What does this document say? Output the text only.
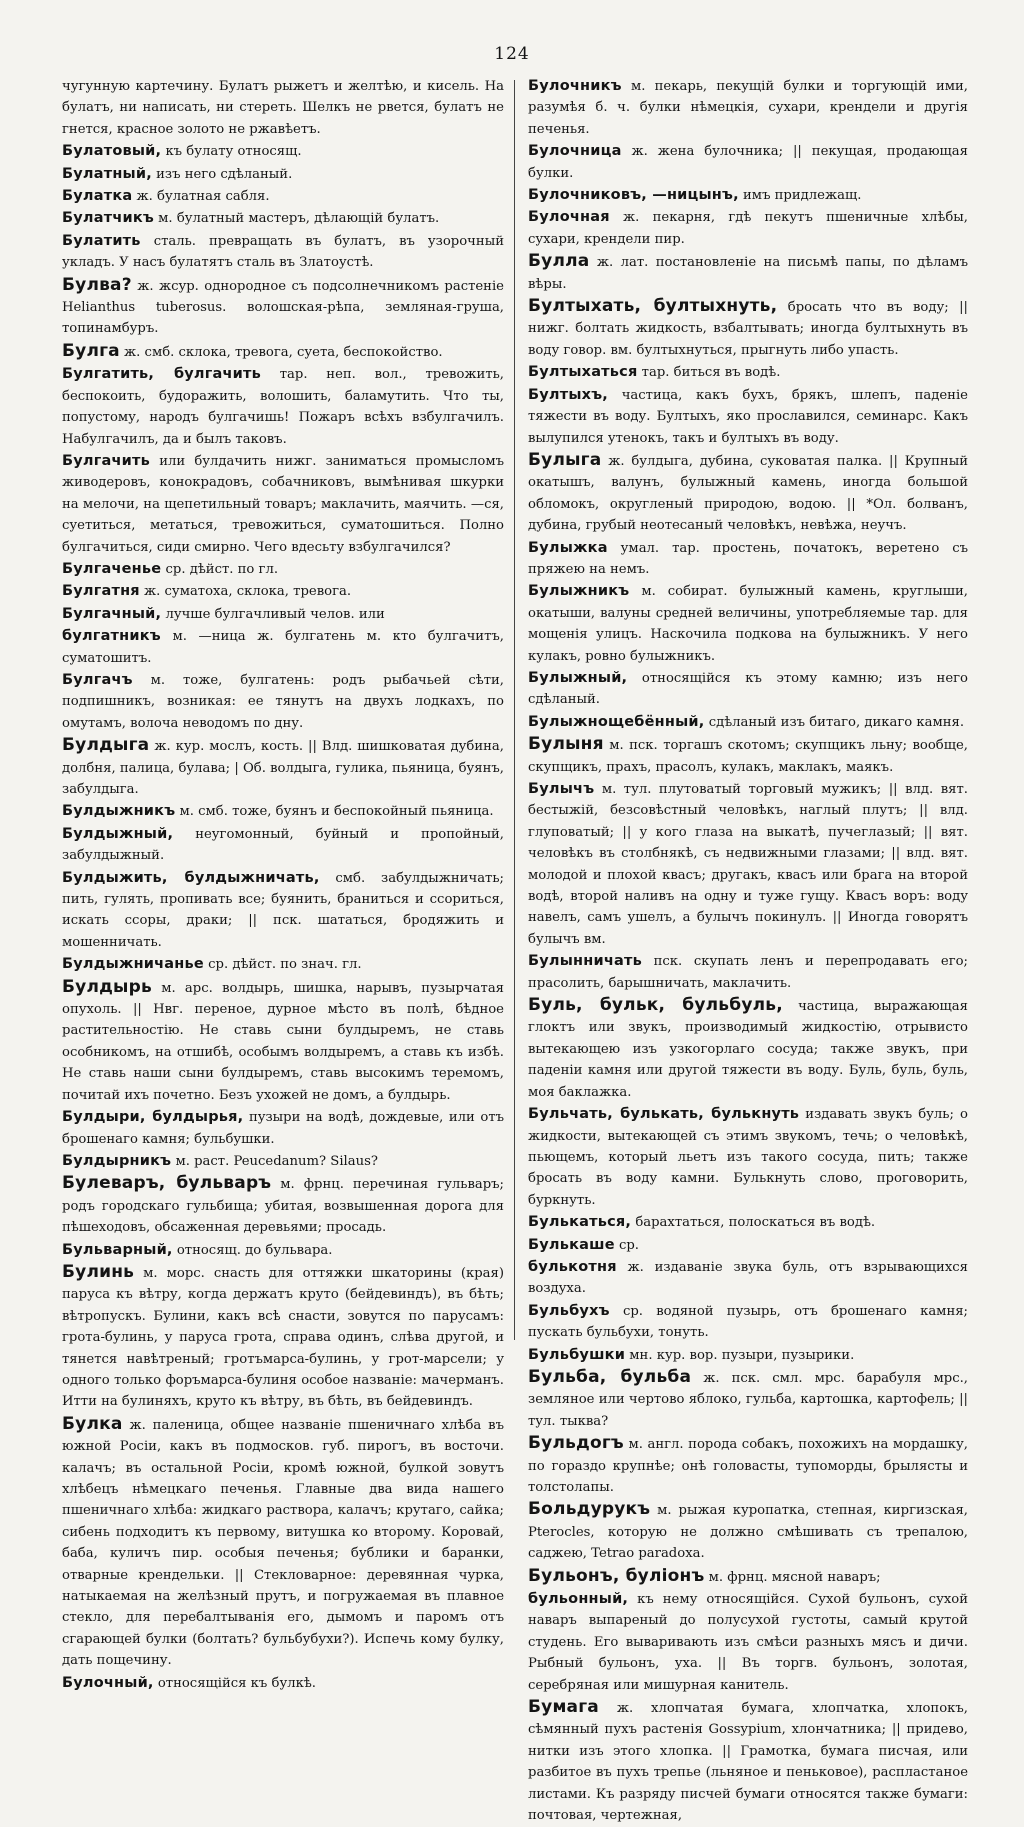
124
чугунную картечину. Булатъ рыжетъ и желтѣю, и кисель. На булатъ, ни написать, ни стереть. Шелкъ не рвется, булатъ не гнется, красное золото не ржавѣетъ.
Булатовый, къ булату относящ.
Булатный, изъ него сдѣланый.
Булатка ж. булатная сабля.
Булатчикъ м. булатный мастеръ, дѣлающій булатъ.
Булатить сталь. превращать въ булатъ, въ узорочный укладъ. У насъ булатятъ сталь въ Златоустѣ.
Булва? ж. жсур. однородное съ подсолнечникомъ растеніе Helianthus tuberosus. волошская-рѣпа, земляная-груша, топинамбуръ.
Булга ж. смб. склока, тревога, суета, беспокойство.
Булгатить, булгачить тар. неп. вол., тревожить, беспокоить, будоражить, волошить, баламутить. Что ты, попустому, народъ булгачишь! Пожаръ всѣхъ взбулгачилъ. Набулгачилъ, да и былъ таковъ.
Булгачить или булдачить нижг. заниматься промысломъ живодеровъ, конокрадовъ, собачниковъ, вымѣнивая шкурки на мелочи, на щепетильный товаръ; маклачить, маячить. —ся, суетиться, метаться, тревожиться, суматошиться. Полно булгачиться, сиди смирно. Чего вдесьту взбулгачился?
Булгаченье ср. дѣйст. по гл.
Булгатня ж. суматоха, склока, тревога.
Булгачный, лучше булгачливый челов. или
булгатникъ м. —ница ж. булгатень м. кто булгачитъ, суматошитъ.
Булгачъ м. тоже, булгатень: родъ рыбачьей сѣти, подпишникъ, возникая: ее тянутъ на двухъ лодкахъ, по омутамъ, волоча неводомъ по дну.
Булдыга ж. кур. мослъ, кость. || Влд. шишковатая дубина, долбня, палица, булава; | Об. волдыга, гулика, пьяница, буянъ, забулдыга.
Булдыжникъ м. смб. тоже, буянъ и беспокойный пьяница.
Булдыжный, неугомонный, буйный и пропойный, забулдыжный.
Булдыжить, булдыжничать, смб. забулдыжничать; пить, гулять, пропивать все; буянить, браниться и ссориться, искать ссоры, драки; || пск. шататься, бродяжить и мошенничать.
Булдыжничанье ср. дѣйст. по знач. гл.
Булдырь м. арс. волдырь, шишка, нарывъ, пузырчатая опухоль. || Нвг. переное, дурное мѣсто въ полѣ, бѣдное растительностію. Не ставь сыни булдыремъ, не ставь особникомъ, на отшибѣ, особымъ волдыремъ, а ставь къ избѣ. Не ставь наши сыни булдыремъ, ставь высокимъ теремомъ, почитай ихъ почетно. Безъ ухожей не домъ, а булдырь.
Булдыри, булдырья, пузыри на водѣ, дождевые, или отъ брошенаго камня; бульбушки.
Булдырникъ м. раст. Peucedanum? Silaus?
Булеваръ, бульваръ м. фрнц. перечиная гульваръ; родъ городскаго гульбища; убитая, возвышенная дорога для пѣшеходовъ, обсаженная деревьями; просадь.
Бульварный, относящ. до бульвара.
Булинь м. морс. снасть для оттяжки шкаторины (края) паруса къ вѣтру, когда держатъ круто (бейдевиндъ), въ бѣть; вѣтропускъ. Булини, какъ всѣ снасти, зовутся по парусамъ: грота-булинь, у паруса грота, справа одинъ, слѣва другой, и тянется навѣтреный; гротъмарса-булинь, у грот-марсели; у одного только форъмарса-булиня особое названіе: мачерманъ. Итти на булиняхъ, круто къ вѣтру, въ бѣть, въ бейдевиндъ.
Булка ж. паленица, общее названіе пшеничнаго хлѣба въ южной Росіи, какъ въ подмосков. губ. пирогъ, въ восточи. калачъ; въ остальной Росіи, кромѣ южной, булкой зовутъ хлѣбецъ нѣмецкаго печенья. Главные два вида нашего пшеничнаго хлѣба: жидкаго раствора, калачъ; крутаго, сайка; сибень подходитъ къ первому, витушка ко второму. Коровай, баба, куличъ пир. особыя печенья; бублики и баранки, отварные крендельки. || Стекловарное: деревянная чурка, натыкаемая на желѣзный прутъ, и погружаемая въ плавное стекло, для перебалтыванія его, дымомъ и паромъ отъ сгарающей булки (болтать? бульбубухи?). Испечь кому булку, дать пощечину.
Булочный, относящійся къ булкѣ.
Булочникъ м. пекарь, пекущій булки и торгующій ими, разумѣя б. ч. булки нѣмецкія, сухари, крендели и другія печенья.
Булочница ж. жена булочника; || пекущая, продающая булки.
Булочниковъ, —ницынъ, имъ придлежащ.
Булочная ж. пекарня, гдѣ пекутъ пшеничные хлѣбы, сухари, крендели пир.
Булла ж. лат. постановленіе на письмѣ папы, по дѣламъ вѣры.
Бултыхать, бултыхнуть, бросать что въ воду; || нижг. болтать жидкость, взбалтывать; иногда бултыхнуть въ воду говор. вм. бултыхнуться, прыгнуть либо упасть.
Бултыхаться тар. биться въ водѣ.
Бултыхъ, частица, какъ бухъ, брякъ, шлепъ, паденіе тяжести въ воду. Бултыхъ, яко прославился, семинарс. Какъ вылупился утенокъ, такъ и бултыхъ въ воду.
Булыга ж. булдыга, дубина, суковатая палка. || Крупный окатышъ, валунъ, булыжный камень, иногда большой обломокъ, округленый природою, водою. || *Ол. болванъ, дубина, грубый неотесаный человѣкъ, невѣжа, неучъ.
Булыжка умал. тар. простень, початокъ, веретено съ пряжею на немъ.
Булыжникъ м. собират. булыжный камень, круглыши, окатыши, валуны средней величины, употребляемые тар. для мощенія улицъ. Наскочила подкова на булыжникъ. У него кулакъ, ровно булыжникъ.
Булыжный, относящійся къ этому камню; изъ него сдѣланый.
Булыжнощебённый, сдѣланый изъ битаго, дикаго камня.
Булыня м. пск. торгашъ скотомъ; скупщикъ льну; вообще, скупщикъ, прахъ, прасолъ, кулакъ, маклакъ, маякъ.
Булычъ м. тул. плутоватый торговый мужикъ; || влд. вят. бестыжій, безсовѣстный человѣкъ, наглый плутъ; || влд. глуповатый; || у кого глаза на выкатѣ, пучеглазый; || вят. человѣкъ въ столбнякѣ, съ недвижными глазами; || влд. вят. молодой и плохой квасъ; другакъ, квасъ или брага на второй водѣ, второй наливъ на одну и туже гущу. Квасъ воръ: воду навелъ, самъ ушелъ, а булычъ покинулъ. || Иногда говорятъ булычъ вм.
Булынничать пск. скупать ленъ и перепродавать его; прасолить, барышничать, маклачить.
Буль, бульк, бульбуль, частица, выражающая глоктъ или звукъ, производимый жидкостію, отрывисто вытекающею изъ узкогорлаго сосуда; также звукъ, при паденіи камня или другой тяжести въ воду. Буль, буль, буль, моя баклажка.
Бульчать, булькать, булькнуть издавать звукъ буль; о жидкости, вытекающей съ этимъ звукомъ, течь; о человѣкѣ, пьющемъ, который льетъ изъ такого сосуда, пить; также бросать въ воду камни. Булькнуть слово, проговорить, буркнуть.
Булькаться, барахтаться, полоскаться въ водѣ.
Булькаше ср.
булькотня ж. издаваніе звука буль, отъ взрывающихся воздуха.
Бульбухъ ср. водяной пузырь, отъ брошенаго камня; пускать бульбухи, тонуть.
Бульбушки мн. кур. вор. пузыри, пузырики.
Бульба, бульба ж. пск. смл. мрс. барабуля мрс., земляное или чертово яблоко, гульба, картошка, картофель; || тул. тыква?
Бульдогъ м. англ. порода собакъ, похожихъ на мордашку, по гораздо крупнѣе; онѣ головасты, тупоморды, брылясты и толстолапы.
Больдурукъ м. рыжая куропатка, степная, киргизская, Pterocles, которую не должно смѣшивать съ трепалою, саджею, Tetrao paradoxa.
Бульонъ, буліонъ м. фрнц. мясной наваръ;
бульонный, къ нему относящійся. Сухой бульонъ, сухой наваръ выпареный до полусухой густоты, самый крутой студень. Его вываривають изъ смѣси разныхъ мясъ и дичи. Рыбный бульонъ, уха. || Въ торгв. бульонъ, золотая, серебряная или мишурная канитель.
Бумага ж. хлопчатая бумага, хлопчатка, хлопокъ, сѣмянный пухъ растенія Gossypium, хлончатника; || придево, нитки изъ этого хлопка. || Грамотка, бумага писчая, или разбитое въ пухъ трепье (льняное и пеньковое), распластаное листами. Къ разряду писчей бумаги относятся также бумаги: почтовая, чертежная,
